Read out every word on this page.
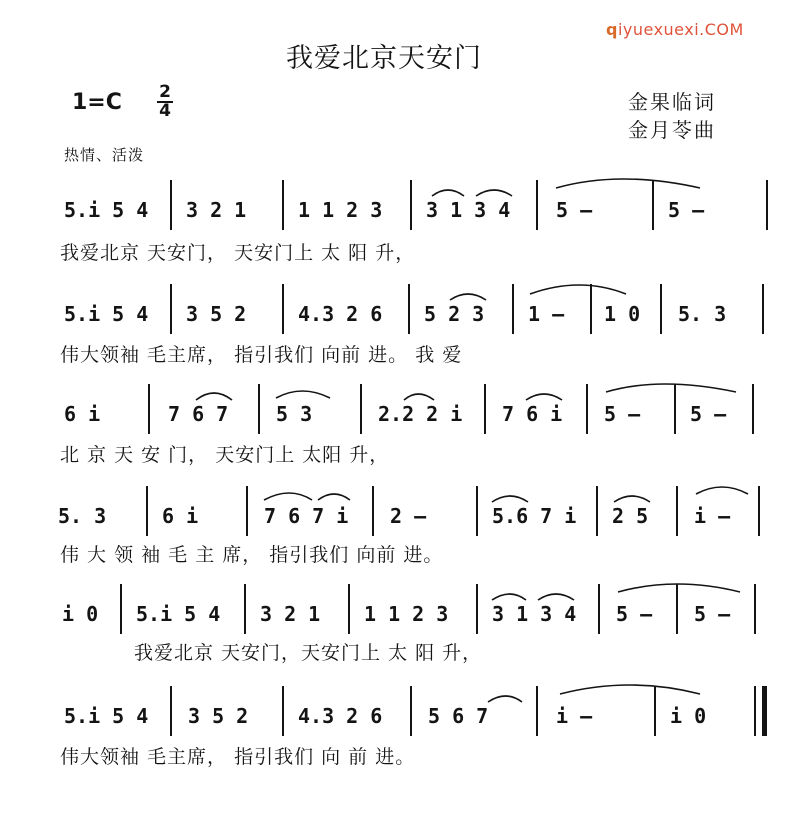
qiyuexuexi.COM
我爱北京天安门
1=C 2
4	金果临词
金月苓曲
热情、活泼
5.i 5 4 3 2 1	1 1 2 3 3 1 3 4 5 –	5 –
我爱北京 天安门， 天安门上 太 阳 升，
5.i 5 4 3 5 2	4.3 2 6 5 2 3 1 – 1 0 5. 3
伟大领袖 毛主席， 指引我们 向前 进。 我 爱
6 i	7 6 7 5 3	2.2 2 i 7 6 i 5 – 5 –
北 京 天 安 门， 天安门上 太阳 升，
5. 3	6 i	7 6 7 i 2 –	5.6 7 i 2 5 i –
伟 大 领 袖 毛 主 席， 指引我们 向前 进。
i 0 5.i 5 4 3 2 1 1 1 2 3 3 1 3 4 5 – 5 –
我爱北京 天安门，天安门上 太 阳 升，
5.i 5 4 3 5 2 4.3 2 6 5 6 7	i –	i 0
伟大领袖 毛主席， 指引我们 向 前 进。
